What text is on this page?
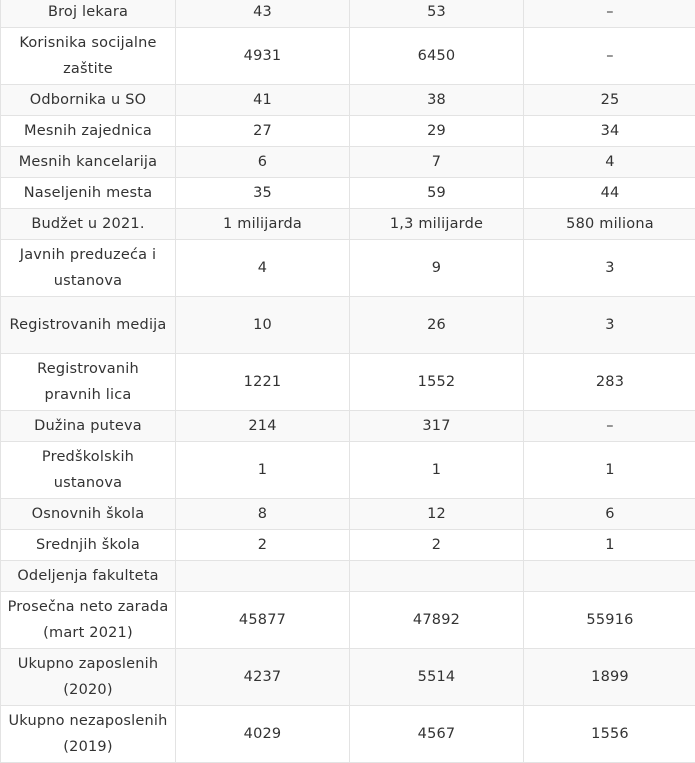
Broj lekara	43	53	–
Korisnika socijalne zaštite	4931	6450	–
Odbornika u SO	41	38	25
Mesnih zajednica	27	29	34
Mesnih kancelarija	6	7	4
Naseljenih mesta	35	59	44
Budžet u 2021.	1 milijarda	1,3 milijarde	580 miliona
Javnih preduzeća i ustanova	4	9	3
Registrovanih medija	10	26	3
Registrovanih pravnih lica	1221	1552	283
Dužina puteva	214	317	–
Predškolskih ustanova	1	1	1
Osnovnih škola	8	12	6
Srednjih škola	2	2	1
Odeljenja fakulteta			
Prosečna neto zarada (mart 2021)	45877	47892	55916
Ukupno zaposlenih (2020)	4237	5514	1899
Ukupno nezaposlenih (2019)	4029	4567	1556
